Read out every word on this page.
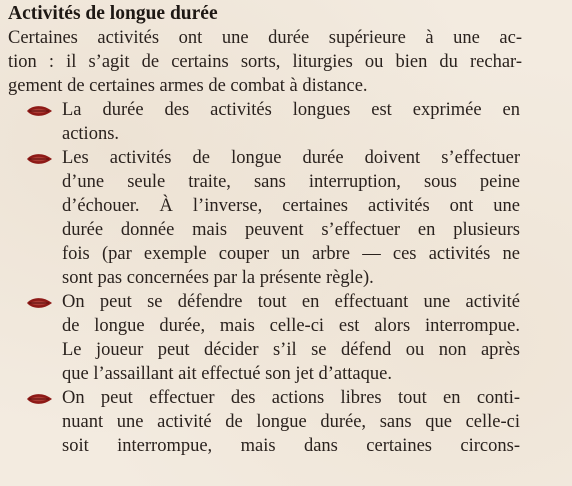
Activités de longue durée
Certaines activités ont une durée supérieure à une ac-
tion : il s’agit de certains sorts, liturgies ou bien du rechar-
gement de certaines armes de combat à distance.
La durée des activités longues est exprimée en
actions.
Les activités de longue durée doivent s’effectuer
d’une seule traite, sans interruption, sous peine
d’échouer. À l’inverse, certaines activités ont une
durée donnée mais peuvent s’effectuer en plusieurs
fois (par exemple couper un arbre — ces activités ne
sont pas concernées par la présente règle).
On peut se défendre tout en effectuant une activité
de longue durée, mais celle-ci est alors interrompue.
Le joueur peut décider s’il se défend ou non après
que l’assaillant ait effectué son jet d’attaque.
On peut effectuer des actions libres tout en conti-
nuant une activité de longue durée, sans que celle-ci
soit interrompue, mais dans certaines circons-
